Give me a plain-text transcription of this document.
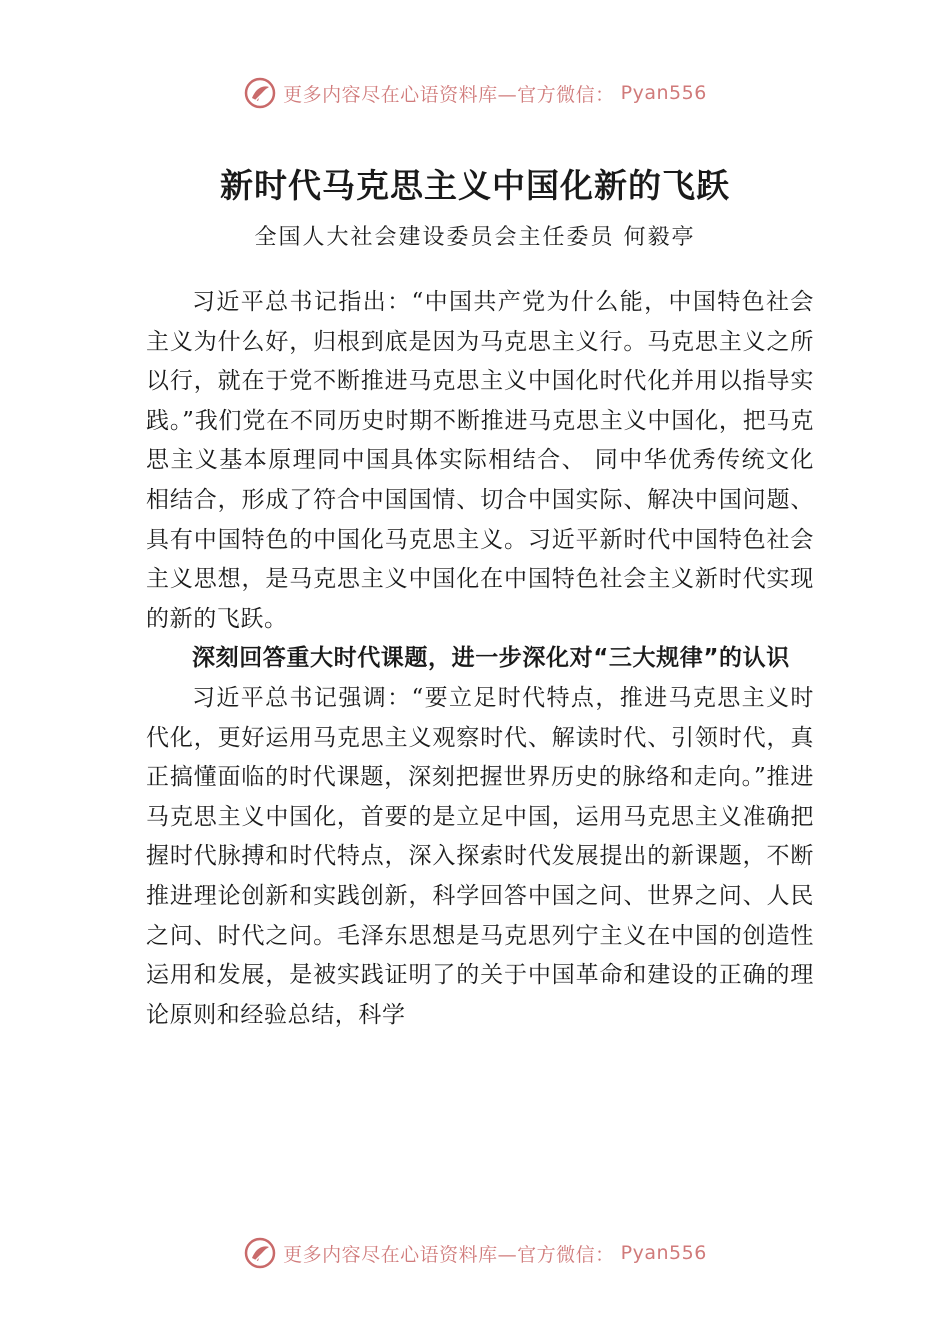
更多内容尽在心语资料库—官方微信： Pyan556
新时代马克思主义中国化新的飞跃
全国人大社会建设委员会主任委员 何毅亭

习近平总书记指出：“中国共产党为什么能，中国特色社会主义为什么好，归根到底是因为马克思主义行。马克思主义之所以行，就在于党不断推进马克思主义中国化时代化并用以指导实践。”我们党在不同历史时期不断推进马克思主义中国化，把马克思主义基本原理同中国具体实际相结合、 同中华优秀传统文化相结合，形成了符合中国国情、切合中国实际、解决中国问题、具有中国特色的中国化马克思主义。习近平新时代中国特色社会主义思想，是马克思主义中国化在中国特色社会主义新时代实现的新的飞跃。

深刻回答重大时代课题，进一步深化对“三大规律”的认识

习近平总书记强调：“要立足时代特点，推进马克思主义时代化，更好运用马克思主义观察时代、解读时代、引领时代，真正搞懂面临的时代课题，深刻把握世界历史的脉络和走向。”推进马克思主义中国化，首要的是立足中国，运用马克思主义准确把握时代脉搏和时代特点，深入探索时代发展提出的新课题，不断推进理论创新和实践创新，科学回答中国之问、世界之问、人民之问、时代之问。毛泽东思想是马克思列宁主义在中国的创造性运用和发展，是被实践证明了的关于中国革命和建设的正确的理论原则和经验总结，科学

更多内容尽在心语资料库—官方微信： Pyan556
